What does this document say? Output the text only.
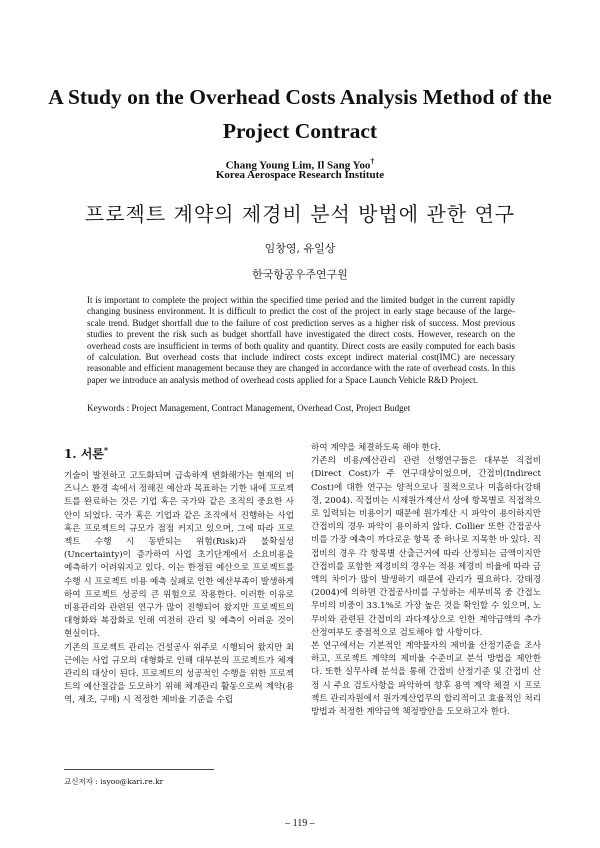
A Study on the Overhead Costs Analysis Method of the
Project Contract
Chang Young Lim, Il Sang Yoo†
Korea Aerospace Research Institute
프로젝트 계약의 제경비 분석 방법에 관한 연구
임창영, 유일상
한국항공우주연구원
It is important to complete the project within the specified time period and the limited budget in the current rapidly changing business environment. It is difficult to predict the cost of the project in early stage because of the large-scale trend. Budget shortfall due to the failure of cost prediction serves as a higher risk of success. Most previous studies to prevent the risk such as budget shortfall have investigated the direct costs. However, research on the overhead costs are insufficient in terms of both quality and quantity. Direct costs are easily computed for each basis of calculation. But overhead costs that include indirect costs except indirect material cost(IMC) are necessary reasonable and efficient management because they are changed in accordance with the rate of overhead costs. In this paper we introduce an analysis method of overhead costs applied for a Space Launch Vehicle R&D Project.
Keywords : Project Management, Contract Management, Overhead Cost, Project Budget

1. 서론*

기술이 발전하고 고도화되며 급속하게 변화해가는 현재의 비즈니스 환경 속에서 정해진 예산과 목표하는 기한 내에 프로젝트를 완료하는 것은 기업 혹은 국가와 같은 조직의 중요한 사안이 되었다. 국가 혹은 기업과 같은 조직에서 진행하는 사업 혹은 프로젝트의 규모가 점점 커지고 있으며, 그에 따라 프로젝트 수행 시 동반되는 위험(Risk)과 불확실성(Uncertainty)이 증가하여 사업 초기단계에서 소요비용을 예측하기 어려워지고 있다. 이는 한정된 예산으로 프로젝트를 수행 시 프로젝트 비용 예측 실패로 인한 예산부족이 발생하게 하여 프로젝트 성공의 큰 위험으로 작용한다. 이러한 이유로 비용관리와 관련된 연구가 많이 진행되어 왔지만 프로젝트의 대형화와 복잡화로 인해 여전히 관리 및 예측이 어려운 것이 현실이다.

기존의 프로젝트 관리는 건설공사 위주로 시행되어 왔지만 최근에는 사업 규모의 대형화로 인해 대부분의 프로젝트가 체계관리의 대상이 된다. 프로젝트의 성공적인 수행을 위한 프로젝트의 예산절감을 도모하기 위해 체계관리 활동으로써 계약(용역, 제조, 구매) 시 적정한 제비율 기준을 수립

하여 계약을 체결하도록 해야 한다.

기존의 비용/예산관리 관련 선행연구들은 대부분 직접비(Direct Cost)가 주 연구대상이었으며, 간접비(Indirect Cost)에 대한 연구는 양적으로나 질적으로나 미흡하다(강태경, 2004). 직접비는 시제원가계산서 상에 항목별로 직접적으로 입력되는 비용이기 때문에 원가계산 시 파악이 용이하지만 간접비의 경우 파악이 용이하지 않다. Collier 또한 간접공사비를 가장 예측이 까다로운 항목 중 하나로 지목한 바 있다. 직접비의 경우 각 항목별 산출근거에 따라 산정되는 금액이지만 간접비를 포함한 제경비의 경우는 적용 제경비 비율에 따라 금액의 차이가 많이 발생하기 때문에 관리가 필요하다. 강태경(2004)에 의하면 간접공사비를 구성하는 세부비목 중 간접노무비의 비중이 33.1%로 가장 높은 것을 확인할 수 있으며, 노무비와 관련된 간접비의 과다계상으로 인한 계약금액의 추가 산정여부도 중점적으로 검토해야 할 사항이다.

본 연구에서는 기본적인 계약물자의 제비율 산정기준을 조사하고, 프로젝트 계약의 제비율 수준비교 분석 방법을 제안한다. 또한 실무사례 분석을 통해 간접비 산정기준 및 간접비 산정 시 주요 검토사항을 파악하여 향후 용역 계약 체결 시 프로젝트 관리자원에서 원가계산업무의 합리적이고 효율적인 처리방법과 적정한 계약금액 책정방안을 도모하고자 한다.

교신저자 : isyoo@kari.re.kr
– 119 –
